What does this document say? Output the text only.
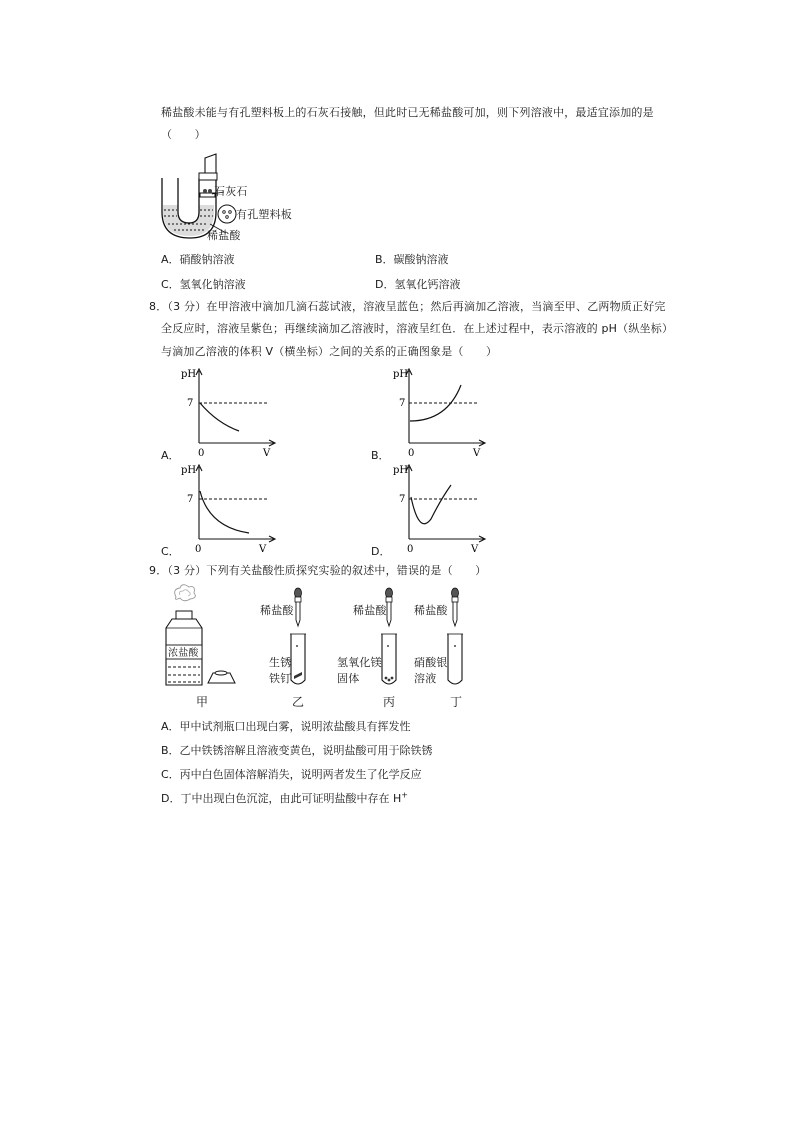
稀盐酸未能与有孔塑料板上的石灰石接触，但此时已无稀盐酸可加，则下列溶液中，最适宜添加的是
（　　）
石灰石
有孔塑料板
稀盐酸
A．硝酸钠溶液	B．碳酸钠溶液
C．氢氧化钠溶液	D．氢氧化钙溶液
8．（3 分）在甲溶液中滴加几滴石蕊试液，溶液呈蓝色；然后再滴加乙溶液，当滴至甲、乙两物质正好完
全反应时，溶液呈紫色；再继续滴加乙溶液时，溶液呈红色．在上述过程中，表示溶液的 pH（纵坐标）
与滴加乙溶液的体积 V（横坐标）之间的关系的正确图象是（　　）
pH
7
0	V
A．
pH
7
0	V
B．
pH
7
0	V
C．
pH
7
0	V
D．
9．（3 分）下列有关盐酸性质探究实验的叙述中，错误的是（　　）
浓盐酸
甲
稀盐酸
生锈
铁钉
乙
稀盐酸
氢氧化镁
固体
丙
稀盐酸
硝酸银
溶液
丁
A．甲中试剂瓶口出现白雾，说明浓盐酸具有挥发性
B．乙中铁锈溶解且溶液变黄色，说明盐酸可用于除铁锈
C．丙中白色固体溶解消失，说明两者发生了化学反应
D．丁中出现白色沉淀，由此可证明盐酸中存在 H+
